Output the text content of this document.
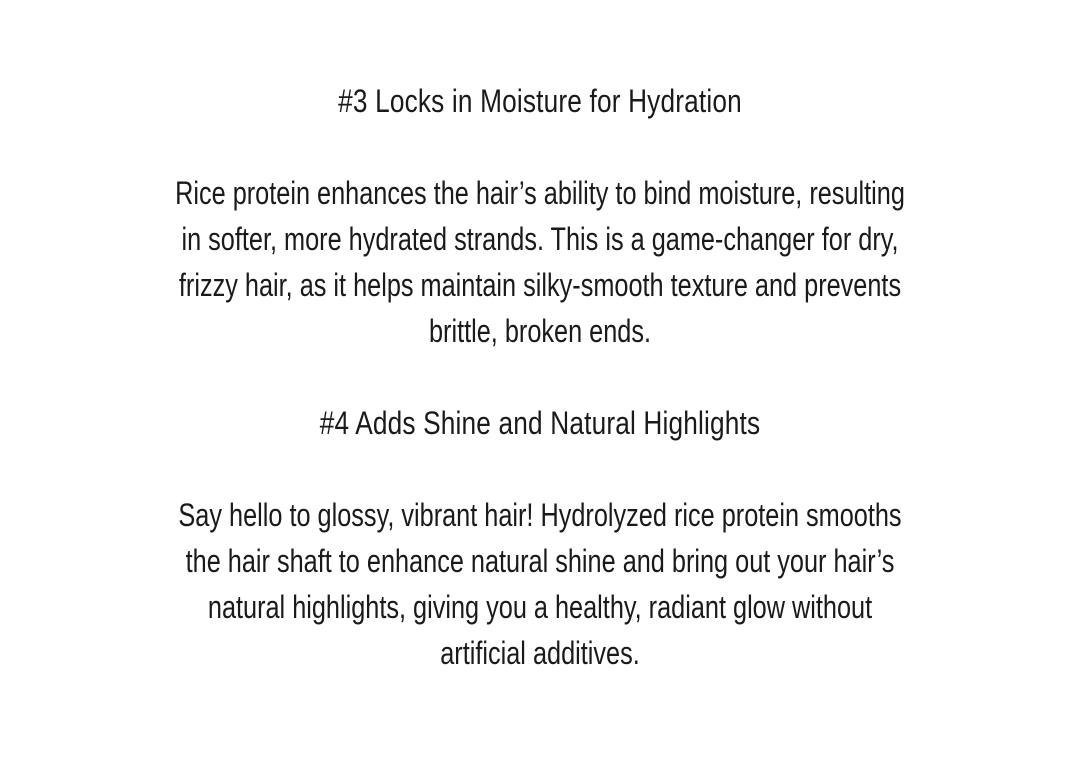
#3 Locks in Moisture for Hydration

Rice protein enhances the hair’s ability to bind moisture, resulting
in softer, more hydrated strands. This is a game-changer for dry,
frizzy hair, as it helps maintain silky-smooth texture and prevents
brittle, broken ends.

#4 Adds Shine and Natural Highlights

Say hello to glossy, vibrant hair! Hydrolyzed rice protein smooths
the hair shaft to enhance natural shine and bring out your hair’s
natural highlights, giving you a healthy, radiant glow without
artificial additives.
